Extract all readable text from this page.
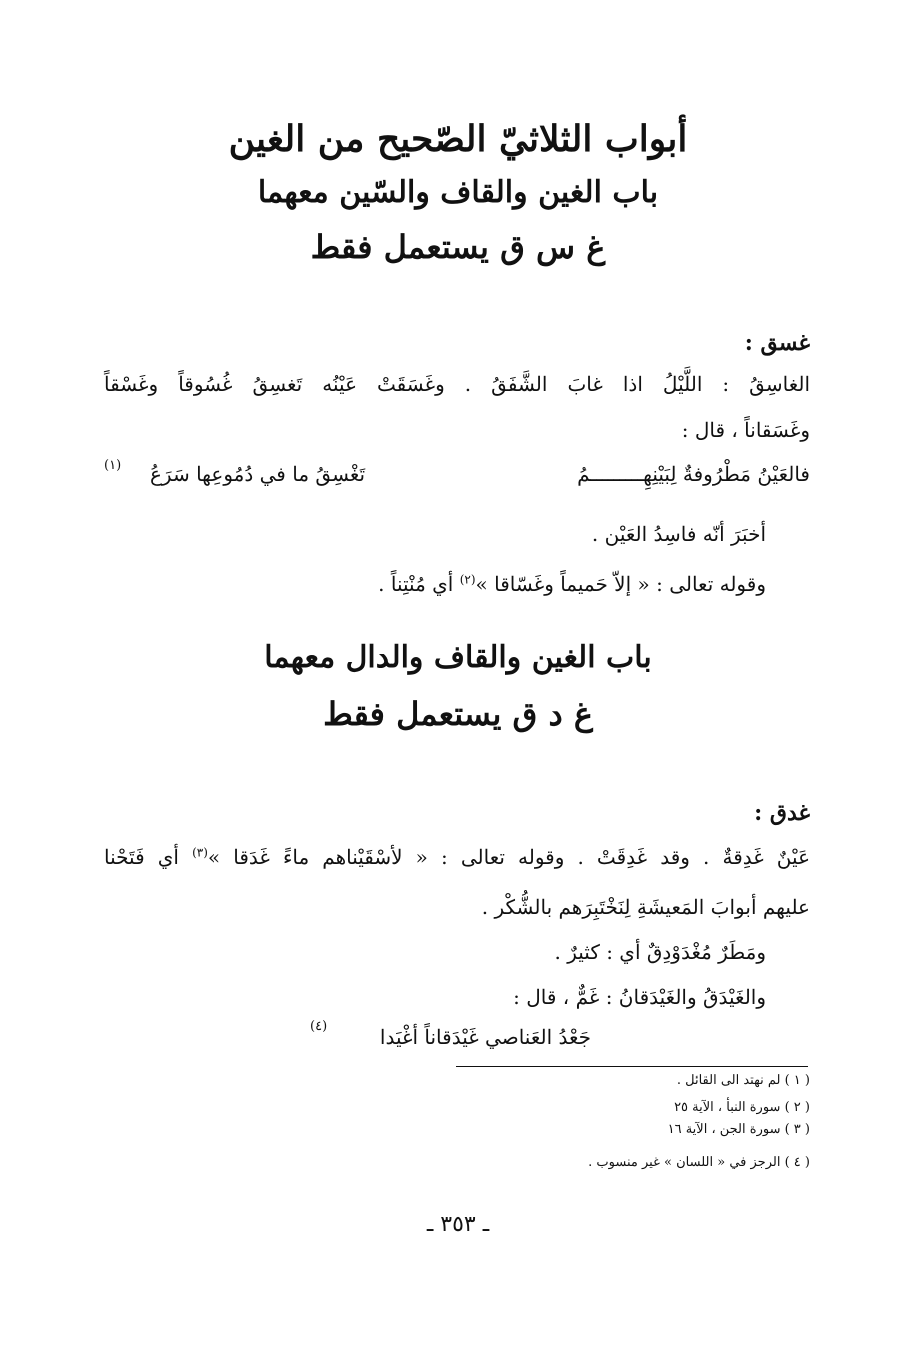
أبواب الثلاثيّ الصّحيح من الغين
باب الغين والقاف والسّين معهما
غ س ق يستعمل فقط
غسق :
الغاسِقُ : اللَّيْلُ اذا غابَ الشَّفَقُ . وغَسَقَتْ عَيْنُه تَغسِقُ غُسُوقاً وغَسْقاً
وغَسَقاناً ، قال :
فالعَيْنُ مَطْرُوفةٌ لِبَيْنِهِـــــــــمُ
تَغْسِقُ ما في دُمُوعِها سَرَعُ
(١)
أخبَرَ أنّه فاسِدُ العَيْن .
وقوله تعالى : « إلاّ حَميماً وغَسّاقا »$^{(٢)}$ أي مُنْتِناً .
باب الغين والقاف والدال معهما
غ د ق يستعمل فقط
غدق :
عَيْنٌ غَدِقةٌ . وقد غَدِقَتْ . وقوله تعالى : « لأسْقَيْناهم ماءً غَدَقا »$^{(٣)}$ أي فَتَحْنا
عليهم أبوابَ المَعيشَةِ لِنَخْتَبِرَهم بالشُّكْر .
ومَطَرٌ مُغْدَوْدِقٌ أي : كثيرٌ .
والغَيْدَقُ والغَيْدَقانُ : غَمٌّ ، قال :
جَعْدُ العَناصي غَيْدَقاناً أغْيَدا
(٤)
( ١ ) لم نهتد الى القائل .
( ٢ ) سورة النبأ ، الآية ٢٥
( ٣ ) سورة الجن ، الآية ١٦
( ٤ ) الرجز في « اللسان » غير منسوب .
ـ ٣٥٣ ـ
